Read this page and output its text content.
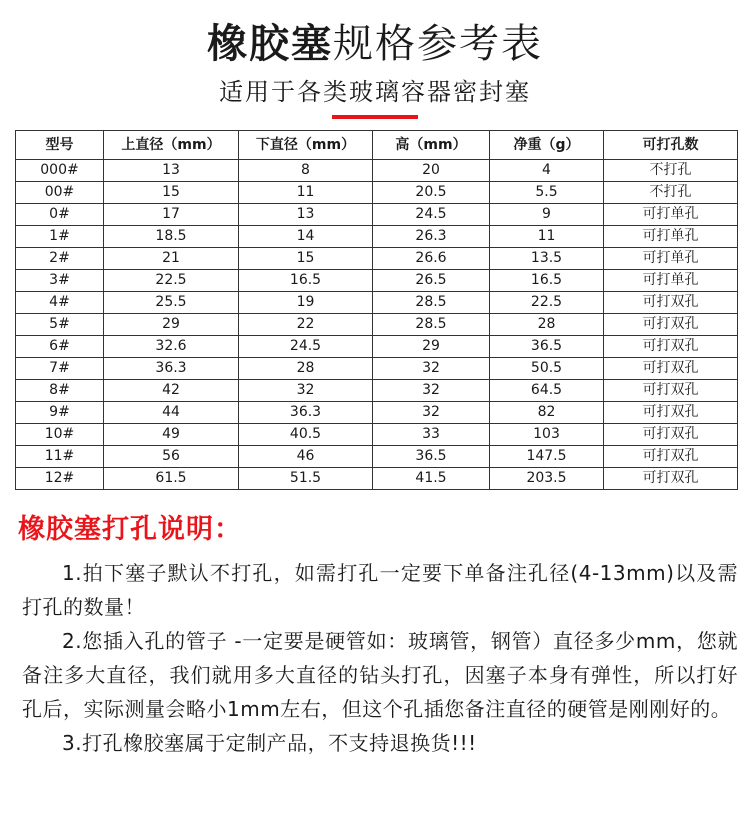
橡胶塞规格参考表
适用于各类玻璃容器密封塞
型号	上直径（mm）	下直径（mm）	高（mm）	净重（g）	可打孔数
000#	13	8	20	4	不打孔
00#	15	11	20.5	5.5	不打孔
0#	17	13	24.5	9	可打单孔
1#	18.5	14	26.3	11	可打单孔
2#	21	15	26.6	13.5	可打单孔
3#	22.5	16.5	26.5	16.5	可打单孔
4#	25.5	19	28.5	22.5	可打双孔
5#	29	22	28.5	28	可打双孔
6#	32.6	24.5	29	36.5	可打双孔
7#	36.3	28	32	50.5	可打双孔
8#	42	32	32	64.5	可打双孔
9#	44	36.3	32	82	可打双孔
10#	49	40.5	33	103	可打双孔
11#	56	46	36.5	147.5	可打双孔
12#	61.5	51.5	41.5	203.5	可打双孔
橡胶塞打孔说明：

1.拍下塞子默认不打孔，如需打孔一定要下单备注孔径(4-13mm)以及需打孔的数量！

2.您插入孔的管子 -一定要是硬管如：玻璃管，钢管）直径多少mm，您就备注多大直径，我们就用多大直径的钻头打孔，因塞子本身有弹性，所以打好孔后，实际测量会略小1mm左右，但这个孔插您备注直径的硬管是刚刚好的。

3.打孔橡胶塞属于定制产品，不支持退换货!!!
